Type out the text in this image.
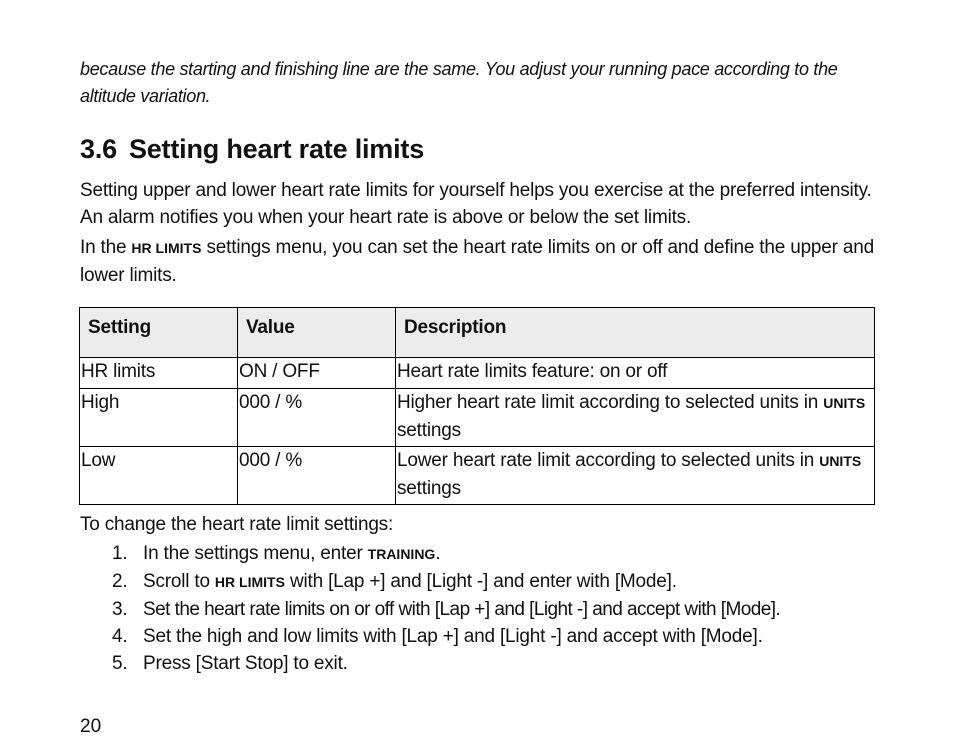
because the starting and finishing line are the same. You adjust your running pace according to the altitude variation.
3.6 Setting heart rate limits
Setting upper and lower heart rate limits for yourself helps you exercise at the preferred intensity. An alarm notifies you when your heart rate is above or below the set limits.
In the HR LIMITS settings menu, you can set the heart rate limits on or off and define the upper and lower limits.
Setting	Value	Description
HR limits	ON / OFF	Heart rate limits feature: on or off
High	000 / %	Higher heart rate limit according to selected units in UNITS settings
Low	000 / %	Lower heart rate limit according to selected units in UNITS settings
To change the heart rate limit settings:
1. In the settings menu, enter TRAINING.
2. Scroll to HR LIMITS with [Lap +] and [Light -] and enter with [Mode].
3. Set the heart rate limits on or off with [Lap +] and [Light -] and accept with [Mode].
4. Set the high and low limits with [Lap +] and [Light -] and accept with [Mode].
5. Press [Start Stop] to exit.
20
